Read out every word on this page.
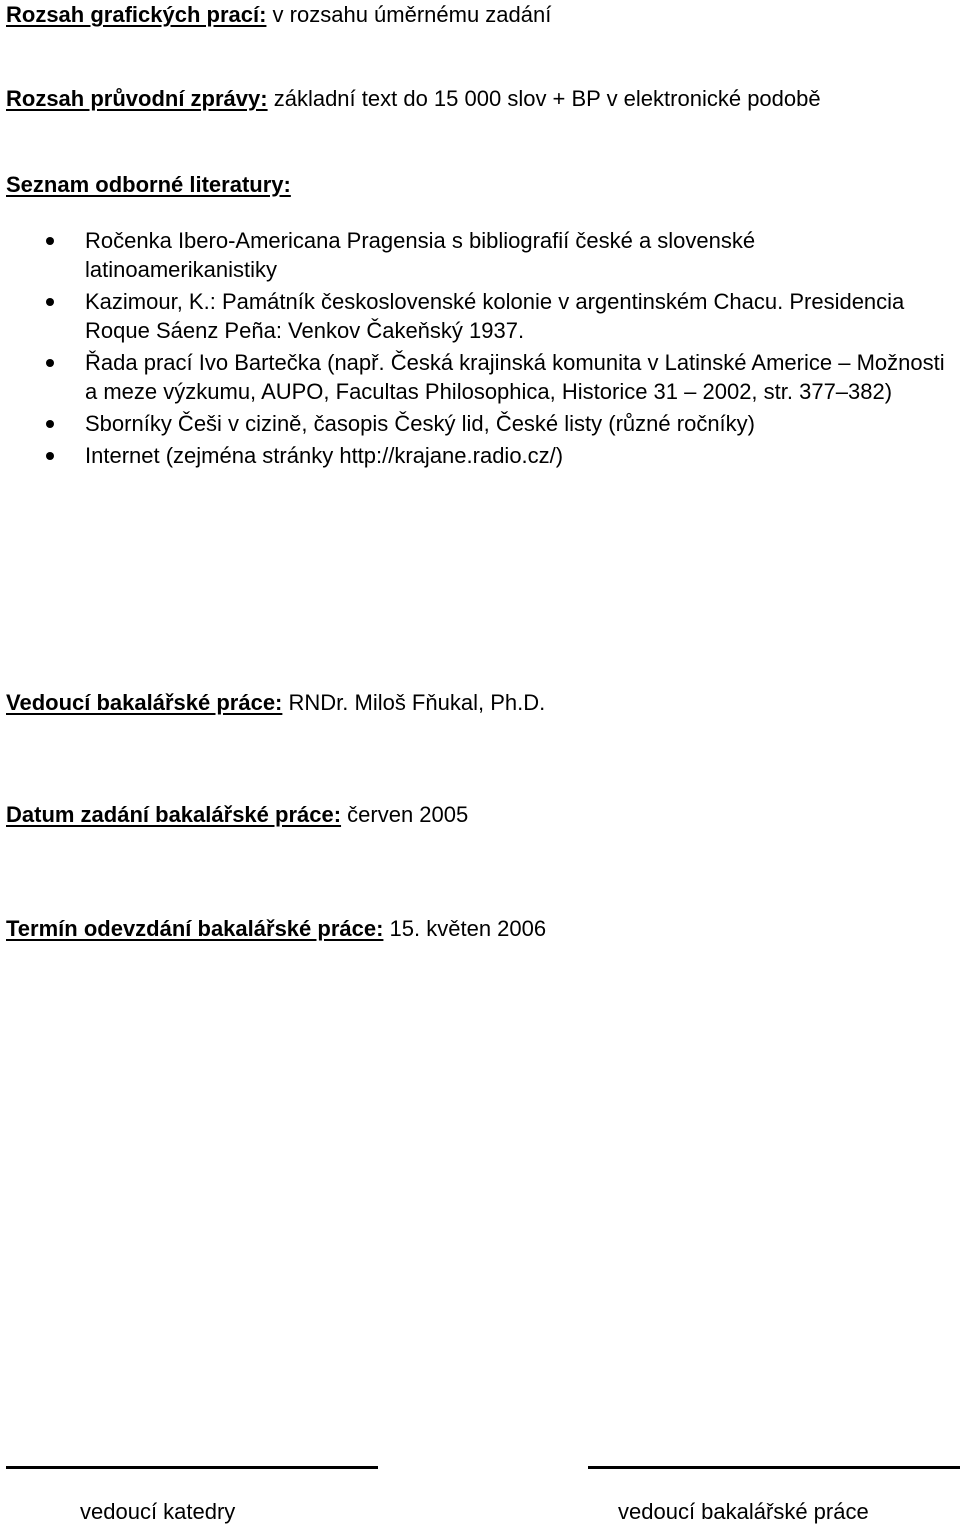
Rozsah grafických prací: v rozsahu úměrnému zadání
Rozsah průvodní zprávy: základní text do 15 000 slov + BP v elektronické podobě
Seznam odborné literatury:
Ročenka Ibero-Americana Pragensia s bibliografií české a slovenské latinoamerikanistiky
Kazimour, K.: Památník československé kolonie v argentinském Chacu. Presidencia Roque Sáenz Peña: Venkov Čakeňský 1937.
Řada prací Ivo Bartečka (např. Česká krajinská komunita v Latinské Americe – Možnosti a meze výzkumu, AUPO, Facultas Philosophica, Historice 31 – 2002, str. 377–382)
Sborníky Češi v cizině, časopis Český lid, České listy (různé ročníky)
Internet (zejména stránky http://krajane.radio.cz/)
Vedoucí bakalářské práce: RNDr. Miloš Fňukal, Ph.D.
Datum zadání bakalářské práce: červen 2005
Termín odevzdání bakalářské práce: 15. květen 2006
vedoucí katedry	vedoucí bakalářské práce
